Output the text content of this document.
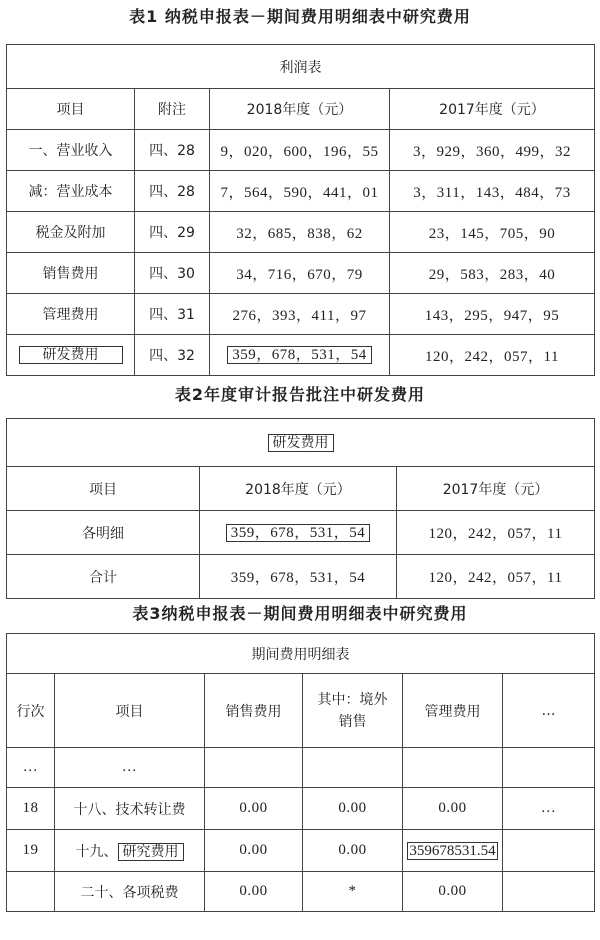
表1 纳税申报表－期间费用明细表中研究费用
利润表			
项目	附注	2018年度（元）	2017年度（元）
一、营业收入	四、28	9，020，600，196，55	3，929，360，499，32
减：营业成本	四、28	7，564，590，441，01	3，311，143，484，73
税金及附加	四、29	32，685，838，62	23，145，705，90
销售费用	四、30	34，716，670，79	29，583，283，40
管理费用	四、31	276，393，411，97	143，295，947，95
研发费用	四、32	359，678，531，54	120，242，057，11
表2年度审计报告批注中研发费用
研发费用		
项目	2018年度（元）	2017年度（元）
各明细	359，678，531，54	120，242，057，11
合计	359，678，531，54	120，242，057，11
表3纳税申报表－期间费用明细表中研究费用
期间费用明细表					
行次	项目	销售费用	其中：境外销售	管理费用	…
…	…				
18	十八、技术转让费	0.00	0.00	0.00	…
19	十九、 研究费用	0.00	0.00	359678531.54	
	二十、各项税费	0.00	*	0.00	
